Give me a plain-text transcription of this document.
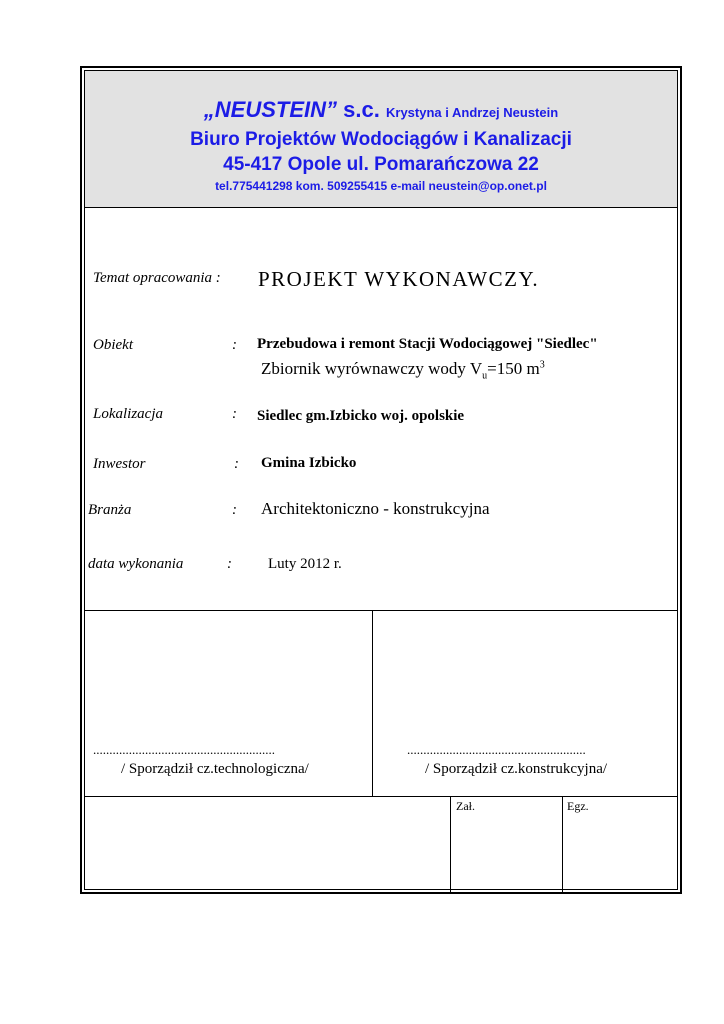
„NEUSTEIN” s.c. Krystyna i Andrzej Neustein
Biuro Projektów Wodociągów i Kanalizacji
45-417 Opole ul. Pomarańczowa 22
tel.775441298 kom. 509255415 e-mail neustein@op.onet.pl
Temat opracowania : PROJEKT WYKONAWCZY.
Obiekt	: Przebudowa i remont Stacji Wodociągowej "Siedlec"
Zbiornik wyrównawczy wody $V_u=150$ $m^3$
Lokalizacja	: Siedlec gm.Izbicko woj. opolskie
Inwestor	: Gmina Izbicko
Branża	: Architektoniczno - konstrukcyjna
data wykonania	: Luty 2012 r.
........................................................
/ Sporządził cz.technologiczna/
.......................................................
/ Sporządził cz.konstrukcyjna/
Zał.	Egz.
